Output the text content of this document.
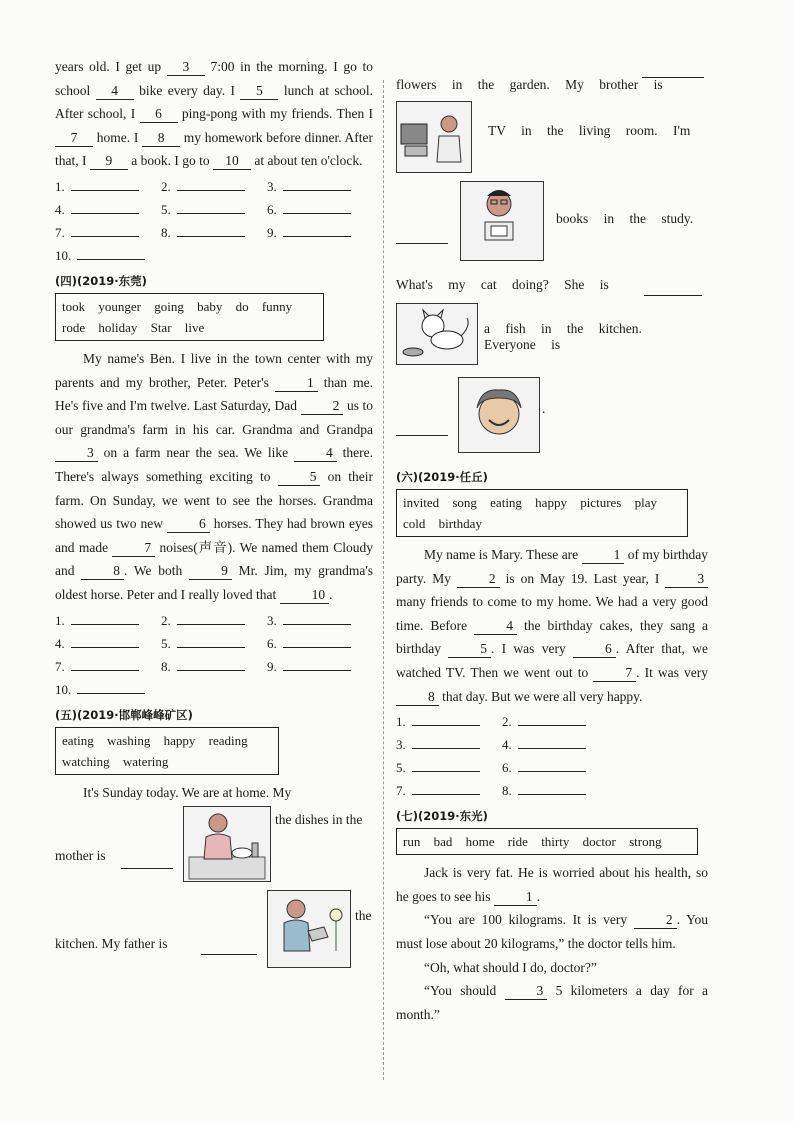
years old. I get up 3 7:00 in the morning. I go to school 4 bike every day. I 5 lunch at school. After school, I 6 ping-pong with my friends. Then I 7 home. I 8 my homework before dinner. After that, I 9 a book. I go to 10 at about ten o'clock.

1.	2.	3.
4.	5.	6.
7.	8.	9.
10.
(四)(2019·东莞)
took younger going baby do funny rode holiday Star live

My name's Ben. I live in the town center with my parents and my brother, Peter. Peter's	1 than me. He's five and I'm twelve. Last Saturday, Dad	2 us to our grandma's farm in his car. Grandma and Grandpa 3 on a farm near the sea. We like	4 there. There's always something exciting to	5 on their farm. On Sunday, we went to see the horses. Grandma showed us two new	6 horses. They had brown eyes and made	7 noises(声音). We named them Cloudy and	8 . We both	9 Mr. Jim, my grandma's oldest horse. Peter and I really loved that	10 .

1.	2.	3.
4.	5.	6.
7.	8.	9.
10.
(五)(2019·邯郸峰峰矿区)
eating washing happy reading watching watering

It's Sunday today. We are at home. My

mother is
the dishes in the
kitchen. My father is
the
flowers in the garden. My brother is
TV in the living room. I'm
books in the study.
What's my cat doing? She is
a fish in the kitchen. Everyone is
.
(六)(2019·任丘)
invited song eating happy pictures play cold birthday

My name is Mary. These are	1 of my birthday party. My	2 is on May 19. Last year, I	3 many friends to come to my home. We had a very good time. Before	4 the birthday cakes, they sang a birthday	5 . I was very	6 . After that, we watched TV. Then we went out to	7 . It was very 8 that day. But we were all very happy.

1.	2.
3.	4.
5.	6.
7.	8.
(七)(2019·东光)
run bad home ride thirty doctor strong

Jack is very fat. He is worried about his health, so he goes to see his	1 .

“You are 100 kilograms. It is very	2 . You must lose about 20 kilograms,” the doctor tells him.

“Oh, what should I do, doctor?”

“You should	3 5 kilometers a day for a month.”
